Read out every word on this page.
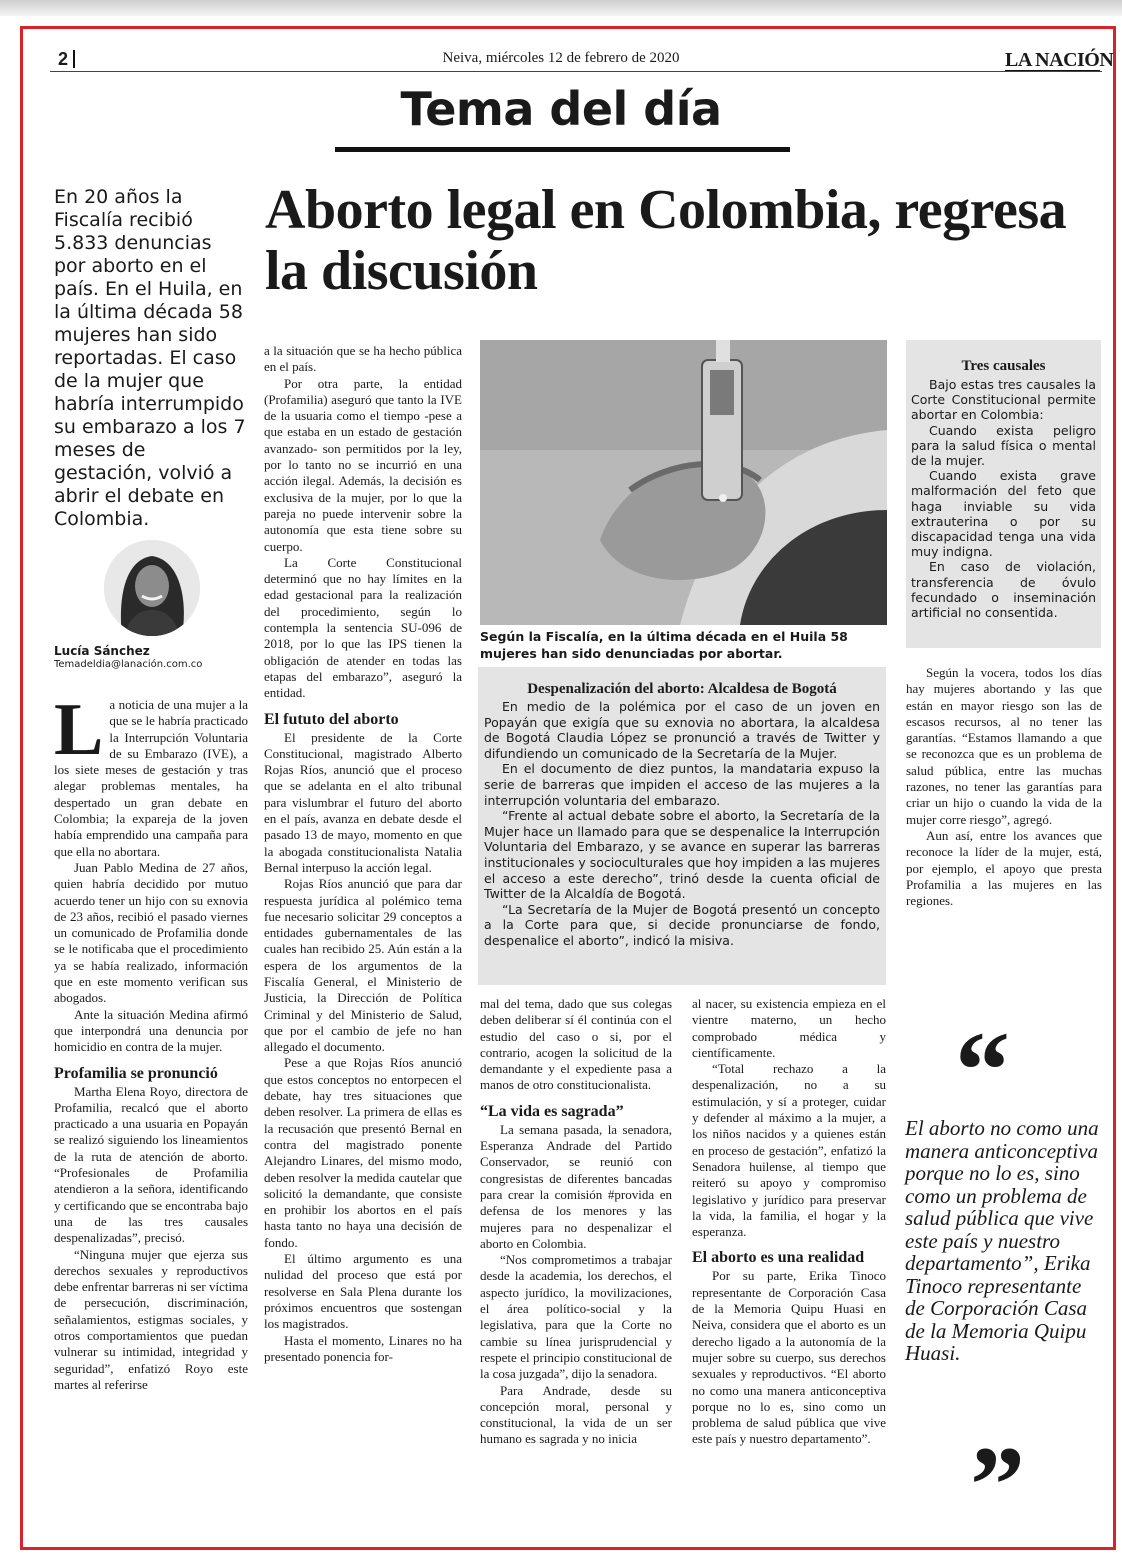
2	Neiva, miércoles 12 de febrero de 2020	LA NACIÓN
Tema del día
Aborto legal en Colombia, regresa la discusión

En 20 años la Fiscalía recibió 5.833 denuncias por aborto en el país. En el Huila, en la última década 58 mujeres han sido reportadas. El caso de la mujer que habría interrumpido su embarazo a los 7 meses de gestación, volvió a abrir el debate en Colombia.

Lucía Sánchez
Temadeldia@lanación.com.co

La noticia de una mujer a la que se le habría practicado la Interrupción Voluntaria de su Embarazo (IVE), a los siete meses de gestación y tras alegar problemas mentales, ha despertado un gran debate en Colombia; la expareja de la joven había emprendido una campaña para que ella no abortara.

Juan Pablo Medina de 27 años, quien habría decidido por mutuo acuerdo tener un hijo con su exnovia de 23 años, recibió el pasado viernes un comunicado de Profamilia donde se le notificaba que el procedimiento ya se había realizado, información que en este momento verifican sus abogados.

Ante la situación Medina afirmó que interpondrá una denuncia por homicidio en contra de la mujer.

Profamilia se pronunció

Martha Elena Royo, directora de Profamilia, recalcó que el aborto practicado a una usuaria en Popayán se realizó siguiendo los lineamientos de la ruta de atención de aborto. “Profesionales de Profamilia atendieron a la señora, identificando y certificando que se encontraba bajo una de las tres causales despenalizadas”, precisó.

“Ninguna mujer que ejerza sus derechos sexuales y reproductivos debe enfrentar barreras ni ser víctima de persecución, discriminación, señalamientos, estigmas sociales, y otros comportamientos que puedan vulnerar su intimidad, integridad y seguridad”, enfatizó Royo este martes al referirse

a la situación que se ha hecho pública en el país.

Por otra parte, la entidad (Profamilia) aseguró que tanto la IVE de la usuaria como el tiempo -pese a que estaba en un estado de gestación avanzado- son permitidos por la ley, por lo tanto no se incurrió en una acción ilegal. Además, la decisión es exclusiva de la mujer, por lo que la pareja no puede intervenir sobre la autonomía que esta tiene sobre su cuerpo.

La Corte Constitucional determinó que no hay límites en la edad gestacional para la realización del procedimiento, según lo contempla la sentencia SU-096 de 2018, por lo que las IPS tienen la obligación de atender en todas las etapas del embarazo”, aseguró la entidad.

El fututo del aborto

El presidente de la Corte Constitucional, magistrado Alberto Rojas Ríos, anunció que el proceso que se adelanta en el alto tribunal para vislumbrar el futuro del aborto en el país, avanza en debate desde el pasado 13 de mayo, momento en que la abogada constitucionalista Natalia Bernal interpuso la acción legal.

Rojas Ríos anunció que para dar respuesta jurídica al polémico tema fue necesario solicitar 29 conceptos a entidades gubernamentales de las cuales han recibido 25. Aún están a la espera de los argumentos de la Fiscalía General, el Ministerio de Justicia, la Dirección de Política Criminal y del Ministerio de Salud, que por el cambio de jefe no han allegado el documento.

Pese a que Rojas Ríos anunció que estos conceptos no entorpecen el debate, hay tres situaciones que deben resolver. La primera de ellas es la recusación que presentó Bernal en contra del magistrado ponente Alejandro Linares, del mismo modo, deben resolver la medida cautelar que solicitó la demandante, que consiste en prohibir los abortos en el país hasta tanto no haya una decisión de fondo.

El último argumento es una nulidad del proceso que está por resolverse en Sala Plena durante los próximos encuentros que sostengan los magistrados.

Hasta el momento, Linares no ha presentado ponencia for-

Según la Fiscalía, en la última década en el Huila 58 mujeres han sido denunciadas por abortar.

Tres causales

Bajo estas tres causales la Corte Constitucional permite abortar en Colombia:

Cuando exista peligro para la salud física o mental de la mujer.

Cuando exista grave malformación del feto que haga inviable su vida extrauterina o por su discapacidad tenga una vida muy indigna.

En caso de violación, transferencia de óvulo fecundado o inseminación artificial no consentida.

Despenalización del aborto: Alcaldesa de Bogotá

En medio de la polémica por el caso de un joven en Popayán que exigía que su exnovia no abortara, la alcaldesa de Bogotá Claudia López se pronunció a través de Twitter y difundiendo un comunicado de la Secretaría de la Mujer.

En el documento de diez puntos, la mandataria expuso la serie de barreras que impiden el acceso de las mujeres a la interrupción voluntaria del embarazo.

“Frente al actual debate sobre el aborto, la Secretaría de la Mujer hace un llamado para que se despenalice la Interrupción Voluntaria del Embarazo, y se avance en superar las barreras institucionales y socioculturales que hoy impiden a las mujeres el acceso a este derecho”, trinó desde la cuenta oficial de Twitter de la Alcaldía de Bogotá.

“La Secretaría de la Mujer de Bogotá presentó un concepto a la Corte para que, si decide pronunciarse de fondo, despenalice el aborto”, indicó la misiva.

mal del tema, dado que sus colegas deben deliberar sí él continúa con el estudio del caso o si, por el contrario, acogen la solicitud de la demandante y el expediente pasa a manos de otro constitucionalista.

“La vida es sagrada”

La semana pasada, la senadora, Esperanza Andrade del Partido Conservador, se reunió con congresistas de diferentes bancadas para crear la comisión #provida en defensa de los menores y las mujeres para no despenalizar el aborto en Colombia.

“Nos comprometimos a trabajar desde la academia, los derechos, el aspecto jurídico, la movilizaciones, el área político-social y la legislativa, para que la Corte no cambie su línea jurisprudencial y respete el principio constitucional de la cosa juzgada”, dijo la senadora.

Para Andrade, desde su concepción moral, personal y constitucional, la vida de un ser humano es sagrada y no inicia

al nacer, su existencia empieza en el vientre materno, un hecho comprobado médica y científicamente.

“Total rechazo a la despenalización, no a su estimulación, y sí a proteger, cuidar y defender al máximo a la mujer, a los niños nacidos y a quienes están en proceso de gestación”, enfatizó la Senadora huilense, al tiempo que reiteró su apoyo y compromiso legislativo y jurídico para preservar la vida, la familia, el hogar y la esperanza.

El aborto es una realidad

Por su parte, Erika Tinoco representante de Corporación Casa de la Memoria Quipu Huasi en Neiva, considera que el aborto es un derecho ligado a la autonomía de la mujer sobre su cuerpo, sus derechos sexuales y reproductivos. “El aborto no como una manera anticonceptiva porque no lo es, sino como un problema de salud pública que vive este país y nuestro departamento”.

Según la vocera, todos los días hay mujeres abortando y las que están en mayor riesgo son las de escasos recursos, al no tener las garantías. “Estamos llamando a que se reconozca que es un problema de salud pública, entre las muchas razones, no tener las garantías para criar un hijo o cuando la vida de la mujer corre riesgo”, agregó.

Aun así, entre los avances que reconoce la líder de la mujer, está, por ejemplo, el apoyo que presta Profamilia a las mujeres en las regiones.

“

El aborto no como una manera anticonceptiva porque no lo es, sino como un problema de salud pública que vive este país y nuestro departamento”, Erika Tinoco representante de Corporación Casa de la Memoria Quipu Huasi.

”
